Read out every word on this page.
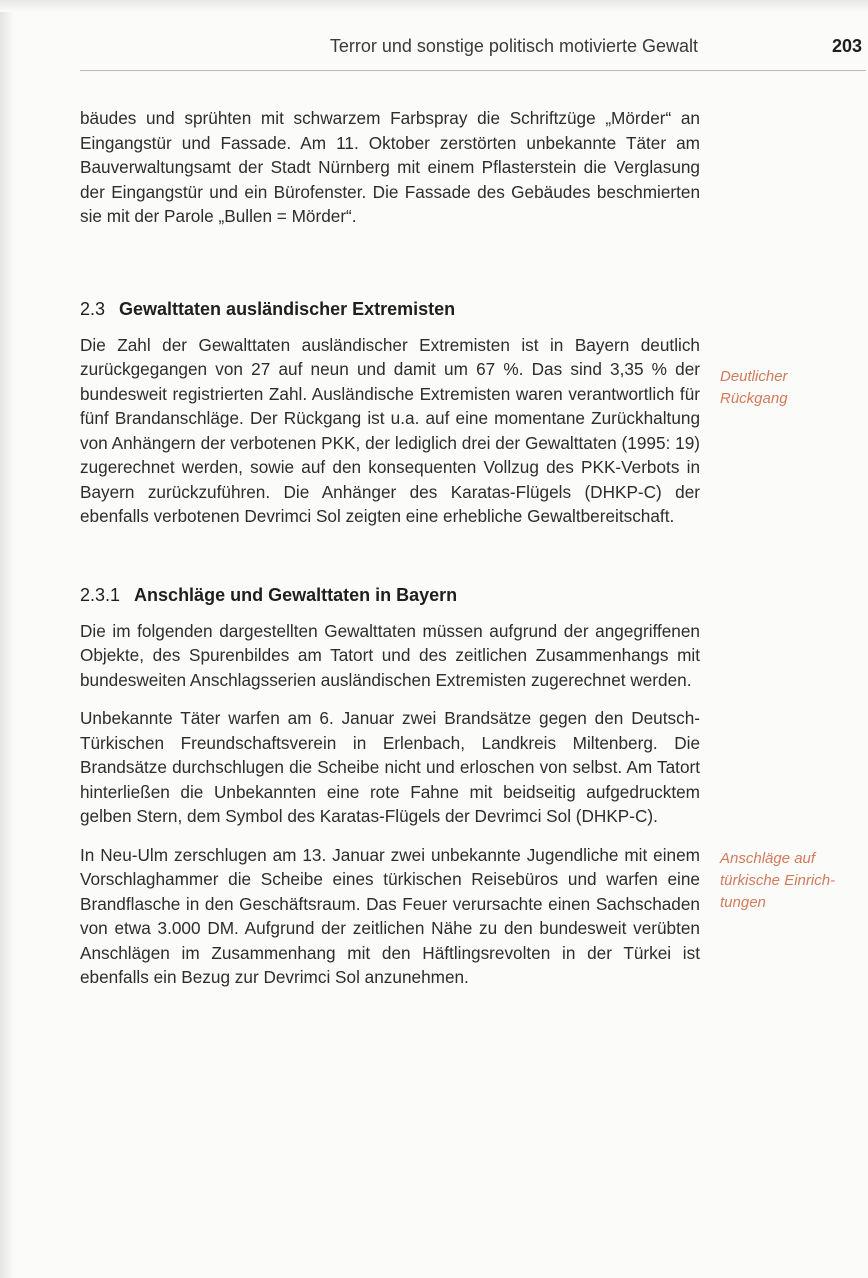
Terror und sonstige politisch motivierte Gewalt	203

bäudes und sprühten mit schwarzem Farbspray die Schriftzüge „Mörder“ an Eingangstür und Fassade. Am 11. Oktober zerstörten unbekannte Täter am Bauverwaltungsamt der Stadt Nürnberg mit einem Pflasterstein die Verglasung der Eingangstür und ein Bürofenster. Die Fassade des Gebäudes beschmierten sie mit der Parole „Bullen = Mörder“.

2.3 Gewalttaten ausländischer Extremisten

Die Zahl der Gewalttaten ausländischer Extremisten ist in Bayern deutlich zurückgegangen von 27 auf neun und damit um 67 %. Das sind 3,35 % der bundesweit registrierten Zahl. Ausländische Extremisten waren verantwortlich für fünf Brandanschläge. Der Rückgang ist u.a. auf eine momentane Zurückhaltung von Anhängern der verbotenen PKK, der lediglich drei der Gewalttaten (1995: 19) zugerechnet werden, sowie auf den konsequenten Vollzug des PKK-Verbots in Bayern zurückzuführen. Die Anhänger des Karatas-Flügels (DHKP-C) der ebenfalls verbotenen Devrimci Sol zeigten eine erhebliche Gewaltbereitschaft.

2.3.1 Anschläge und Gewalttaten in Bayern

Die im folgenden dargestellten Gewalttaten müssen aufgrund der angegriffenen Objekte, des Spurenbildes am Tatort und des zeitlichen Zusammenhangs mit bundesweiten Anschlagsserien ausländischen Extremisten zugerechnet werden.

Unbekannte Täter warfen am 6. Januar zwei Brandsätze gegen den Deutsch-Türkischen Freundschaftsverein in Erlenbach, Landkreis Miltenberg. Die Brandsätze durchschlugen die Scheibe nicht und erloschen von selbst. Am Tatort hinterließen die Unbekannten eine rote Fahne mit beidseitig aufgedrucktem gelben Stern, dem Symbol des Karatas-Flügels der Devrimci Sol (DHKP-C).

In Neu-Ulm zerschlugen am 13. Januar zwei unbekannte Jugendliche mit einem Vorschlaghammer die Scheibe eines türkischen Reisebüros und warfen eine Brandflasche in den Geschäftsraum. Das Feuer verursachte einen Sachschaden von etwa 3.000 DM. Aufgrund der zeitlichen Nähe zu den bundesweit verübten Anschlägen im Zusammenhang mit den Häftlingsrevolten in der Türkei ist ebenfalls ein Bezug zur Devrimci Sol anzunehmen.

Deutlicher
Rückgang
Anschläge auf
türkische Einrich-
tungen
